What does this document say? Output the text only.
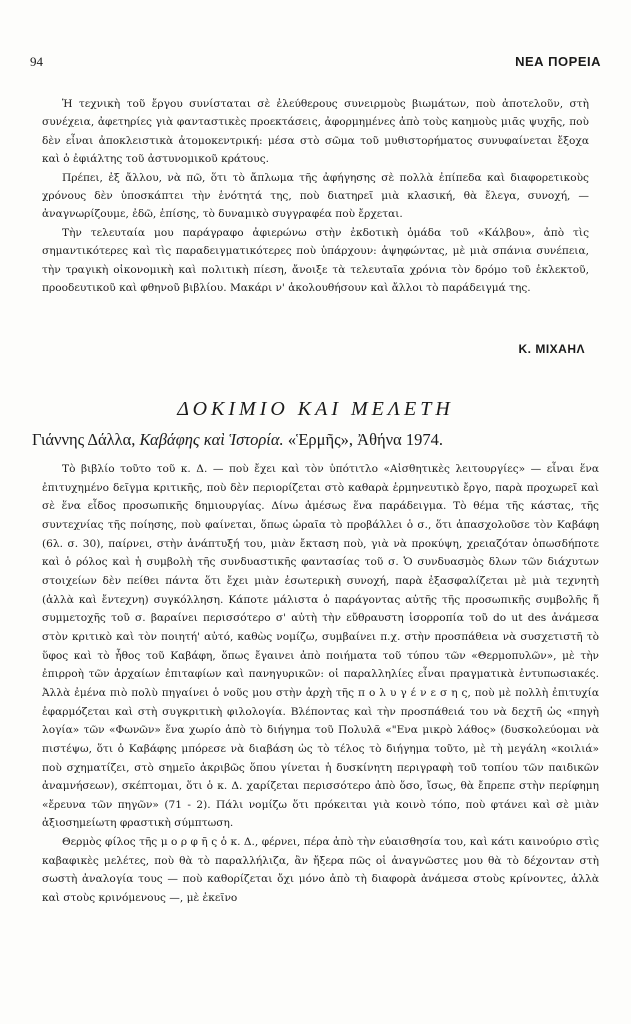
94	ΝΕΑ ΠΟΡΕΙΑ

Ἡ τεχνικὴ τοῦ ἔργου συνίσταται σὲ ἐλεύθερους συνειρμοὺς βιωμάτων, ποὺ ἀποτελοῦν, στὴ συνέχεια, ἀφετηρίες γιὰ φανταστικὲς προεκτάσεις, ἀφορμημένες ἀπὸ τοὺς καημοὺς μιᾶς ψυχῆς, ποὺ δὲν εἶναι ἀποκλειστικὰ ἀτομοκεντρική: μέσα στὸ σῶμα τοῦ μυθιστορήματος συνυφαίνεται ἔξοχα καὶ ὁ ἐφιάλτης τοῦ ἀστυνομικοῦ κράτους.

Πρέπει, ἐξ ἄλλου, νὰ πῶ, ὅτι τὸ ἄπλωμα τῆς ἀφήγησης σὲ πολλὰ ἐπίπεδα καὶ διαφορετικοὺς χρόνους δὲν ὑποσκάπτει τὴν ἑνότητά της, ποὺ διατηρεῖ μιὰ κλασική, θὰ ἔλεγα, συνοχή, — ἀναγνωρίζουμε, ἐδῶ, ἐπίσης, τὸ δυναμικὸ συγγραφέα ποὺ ἔρχεται.

Τὴν τελευταία μου παράγραφο ἀφιερώνω στὴν ἐκδοτικὴ ὁμάδα τοῦ «Κάλβου», ἀπὸ τὶς σημαντικότερες καὶ τὶς παραδειγματικότερες ποὺ ὑπάρχουν: ἀψηφώντας, μὲ μιὰ σπάνια συνέπεια, τὴν τραγικὴ οἰκονομικὴ καὶ πολιτικὴ πίεση, ἄνοιξε τὰ τελευταῖα χρόνια τὸν δρόμο τοῦ ἐκλεκτοῦ, προοδευτικοῦ καὶ φθηνοῦ βιβλίου. Μακάρι ν' ἀκολουθήσουν καὶ ἄλλοι τὸ παράδειγμά της.

Κ. ΜΙΧΑΗΛ
ΔΟΚΙΜΙΟ ΚΑΙ ΜΕΛΕΤΗ
Γιάννης Δάλλα, Καβάφης καὶ Ἱστορία. «Ἑρμῆς», Ἀθήνα 1974.

Τὸ βιβλίο τοῦτο τοῦ κ. Δ. — ποὺ ἔχει καὶ τὸν ὑπότιτλο «Αἰσθητικὲς λειτουργίες» — εἶναι ἕνα ἐπιτυχημένο δεῖγμα κριτικῆς, ποὺ δὲν περιορίζεται στὸ καθαρὰ ἑρμηνευτικὸ ἔργο, παρὰ προχωρεῖ καὶ σὲ ἕνα εἶδος προσωπικῆς δημιουργίας. Δίνω ἀμέσως ἕνα παράδειγμα. Τὸ θέμα τῆς κάστας, τῆς συντεχνίας τῆς ποίησης, ποὺ φαίνεται, ὅπως ὡραῖα τὸ προβάλλει ὁ σ., ὅτι ἀπασχολοῦσε τὸν Καβάφη (6λ. σ. 30), παίρνει, στὴν ἀνάπτυξή του, μιὰν ἔκταση ποὺ, γιὰ νὰ προκύψη, χρειαζόταν ὁπωσδήποτε καὶ ὁ ρόλος καὶ ἡ συμβολὴ τῆς συνδυαστικῆς φαντασίας τοῦ σ. Ὁ συνδυασμὸς δλων τῶν διάχυτων στοιχείων δὲν πείθει πάντα ὅτι ἔχει μιὰν ἐσωτερικὴ συνοχή, παρὰ ἐξασφαλίζεται μὲ μιὰ τεχνητὴ (ἀλλὰ καὶ ἔντεχνη) συγκόλληση. Κάποτε μάλιστα ὁ παράγοντας αὐτῆς τῆς προσωπικῆς συμβολῆς ἤ συμμετοχῆς τοῦ σ. βαραίνει περισσότερο σ' αὐτὴ τὴν εὔθραυστη ἰσορροπία τοῦ do ut des ἀνάμεσα στὸν κριτικὸ καὶ τὸν ποιητή' αὐτό, καθὼς νομίζω, συμβαίνει π.χ. στὴν προσπάθεια νὰ συσχετιστῆ τὸ ὕφος καὶ τὸ ἦθος τοῦ Καβάφη, ὅπως ἔγαινει ἀπὸ ποιήματα τοῦ τύπου τῶν «Θερμοπυλῶν», μὲ τὴν ἐπιρροὴ τῶν ἀρχαίων ἐπιταφίων καὶ πανηγυρικῶν: οἱ παραλληλίες εἶναι πραγματικὰ ἐντυπωσιακές. Ἀλλὰ ἐμένα πιὸ πολὺ πηγαίνει ὁ νοῦς μου στὴν ἀρχὴ τῆς π ο λ υ γ έ ν ε σ η ς, ποὺ μὲ πολλὴ ἐπιτυχία ἐφαρμόζεται καὶ στὴ συγκριτικὴ φιλολογία. Βλέποντας καὶ τὴν προσπάθειά του νὰ δεχτῆ ὡς «πηγὴ λογία» τῶν «Φωνῶν» ἕνα χωρίο ἀπὸ τὸ διήγημα τοῦ Πολυλᾶ «"Ενα μικρὸ λάθος» (δυσκολεύομαι νὰ πιστέψω, ὅτι ὁ Καβάφης μπόρεσε νὰ διαβάση ὡς τὸ τέλος τὸ διήγημα τοῦτο, μὲ τὴ μεγάλη «κοιλιά» ποὺ σχηματίζει, στὸ σημεῖο ἀκριβῶς ὅπου γίνεται ἡ δυσκίνητη περιγραφὴ τοῦ τοπίου τῶν παιδικῶν ἀναμνήσεων), σκέπτομαι, ὅτι ὁ κ. Δ. χαρίζεται περισσότερο ἀπὸ ὅσο, ἴσως, θὰ ἔπρεπε στὴν περίφημη «ἔρευνα τῶν πηγῶν» (71 - 2). Πάλι νομίζω ὅτι πρόκειται γιὰ κοινὸ τόπο, ποὺ φτάνει καὶ σὲ μιὰν ἀξιοσημείωτη φραστικὴ σύμπτωση.

Θερμὸς φίλος τῆς μ ο ρ φ ῆ ς ὁ κ. Δ., φέρνει, πέρα ἀπὸ τὴν εὐαισθησία του, καὶ κάτι καινούριο στὶς καβαφικὲς μελέτες, ποὺ θὰ τὸ παραλλήλιζα, ἂν ἤξερα πῶς οἱ ἀναγνῶστες μου θὰ τὸ δέχονταν στὴ σωστὴ ἀναλογία τους — ποὺ καθορίζεται ὄχι μόνο ἀπὸ τὴ διαφορὰ ἀνάμεσα στοὺς κρίνοντες, ἀλλὰ καὶ στοὺς κρινόμενους —, μὲ ἐκεῖνο
